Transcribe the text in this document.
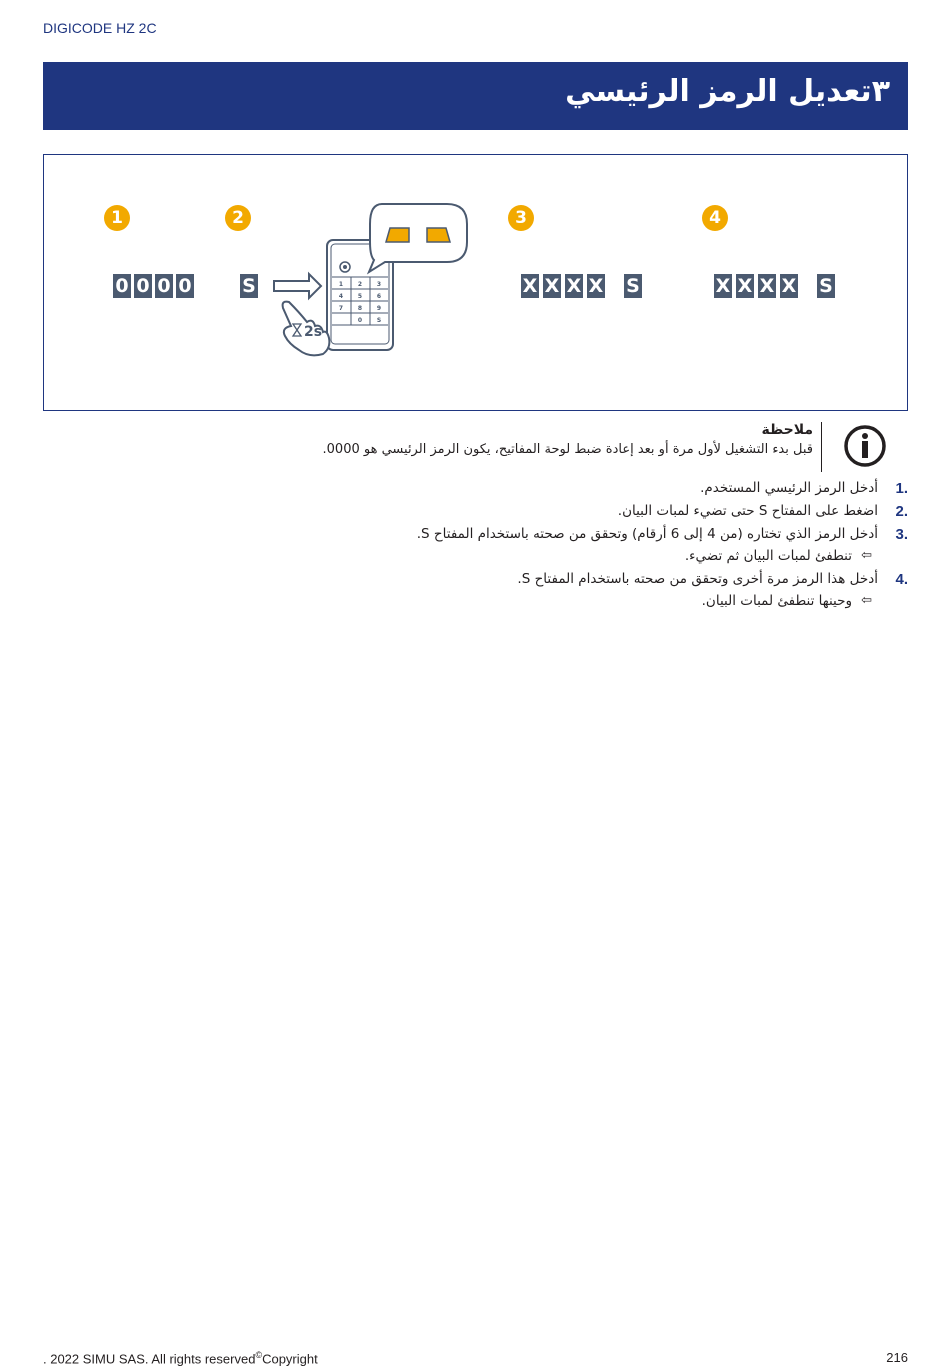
DIGICODE HZ 2C
٣تعديل الرمز الرئيسي
1	2	3	4
0 0 0 0	S	1 2 3
4 5 6
7 8 9
0 S
2s
X X X X S	X X X X S
ملاحظة
قبل بدء التشغيل لأول مرة أو بعد إعادة ضبط لوحة المفاتيح، يكون الرمز الرئيسي هو 0000.
1.
أدخل الرمز الرئيسي المستخدم.
2.
اضغط على المفتاح S حتى تضيء لمبات البيان.
3.
أدخل الرمز الذي تختاره (من 4 إلى 6 أرقام) وتحقق من صحته باستخدام المفتاح S.
⇦
تنطفئ لمبات البيان ثم تضيء.
4.
أدخل هذا الرمز مرة أخرى وتحقق من صحته باستخدام المفتاح S.
⇦
وحينها تنطفئ لمبات البيان.
. 2022 SIMU SAS. All rights reserved©Copyright	216
